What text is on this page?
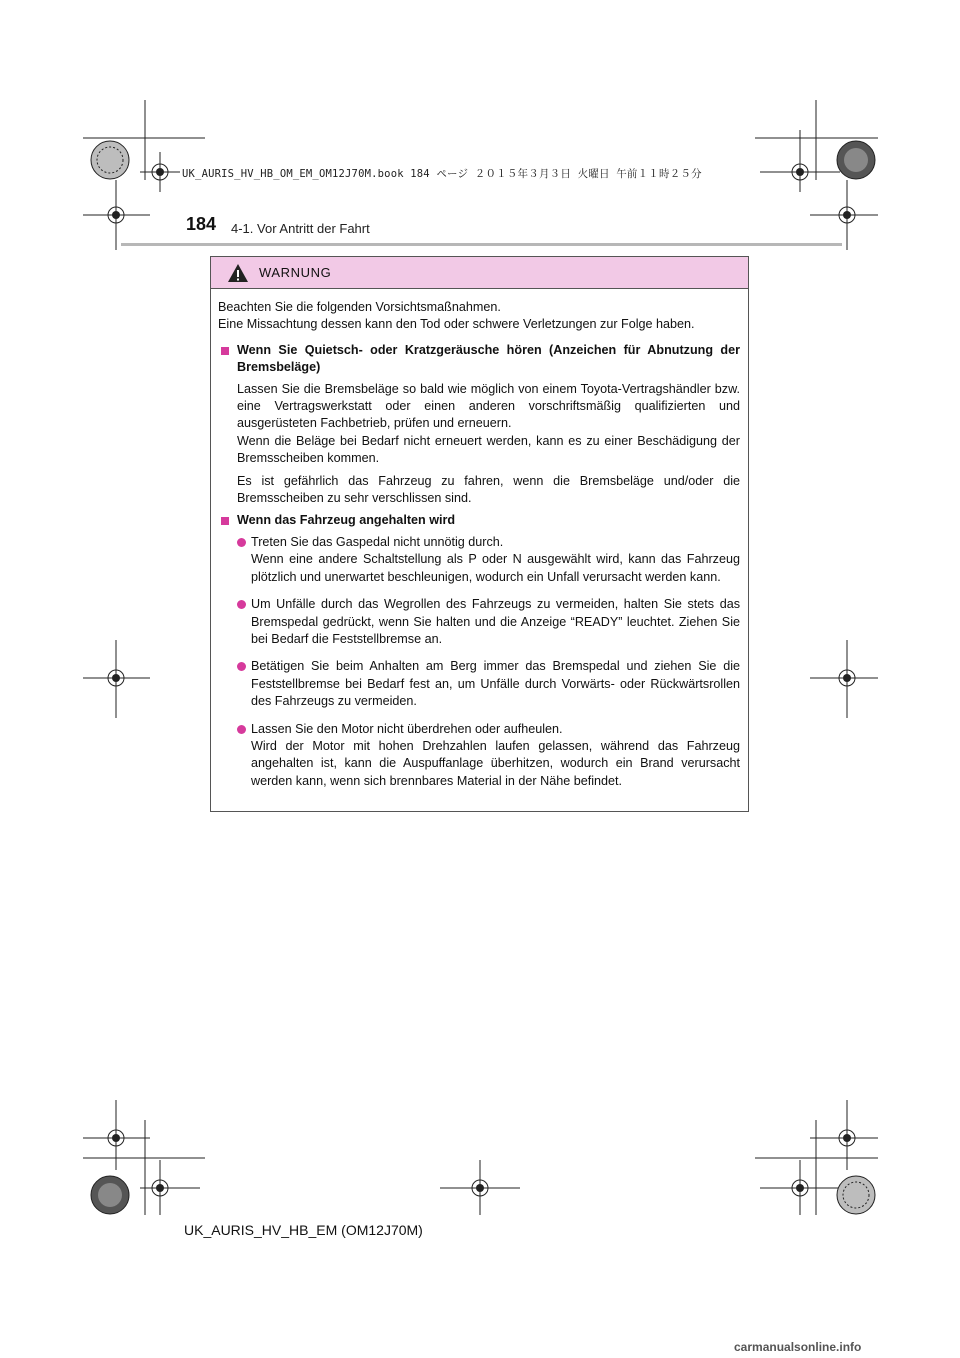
UK_AURIS_HV_HB_OM_EM_OM12J70M.book 184 ページ ２０１５年３月３日 火曜日 午前１１時２５分
184 4-1. Vor Antritt der Fahrt
WARNUNG

Beachten Sie die folgenden Vorsichtsmaßnahmen.
Eine Missachtung dessen kann den Tod oder schwere Verletzungen zur Folge haben.

Wenn Sie Quietsch- oder Kratzgeräusche hören (Anzeichen für Abnutzung der Bremsbeläge)

Lassen Sie die Bremsbeläge so bald wie möglich von einem Toyota-Vertragshändler bzw. eine Vertragswerkstatt oder einen anderen vorschriftsmäßig qualifizierten und ausgerüsteten Fachbetrieb, prüfen und erneuern.
Wenn die Beläge bei Bedarf nicht erneuert werden, kann es zu einer Beschädigung der Bremsscheiben kommen.

Es ist gefährlich das Fahrzeug zu fahren, wenn die Bremsbeläge und/oder die Bremsscheiben zu sehr verschlissen sind.

Wenn das Fahrzeug angehalten wird

Treten Sie das Gaspedal nicht unnötig durch.
Wenn eine andere Schaltstellung als P oder N ausgewählt wird, kann das Fahrzeug plötzlich und unerwartet beschleunigen, wodurch ein Unfall verursacht werden kann.

Um Unfälle durch das Wegrollen des Fahrzeugs zu vermeiden, halten Sie stets das Bremspedal gedrückt, wenn Sie halten und die Anzeige “READY” leuchtet. Ziehen Sie bei Bedarf die Feststellbremse an.

Betätigen Sie beim Anhalten am Berg immer das Bremspedal und ziehen Sie die Feststellbremse bei Bedarf fest an, um Unfälle durch Vorwärts- oder Rückwärtsrollen des Fahrzeugs zu vermeiden.

Lassen Sie den Motor nicht überdrehen oder aufheulen.
Wird der Motor mit hohen Drehzahlen laufen gelassen, während das Fahrzeug angehalten ist, kann die Auspuffanlage überhitzen, wodurch ein Brand verursacht werden kann, wenn sich brennbares Material in der Nähe befindet.

UK_AURIS_HV_HB_EM (OM12J70M)
carmanualsonline.info
